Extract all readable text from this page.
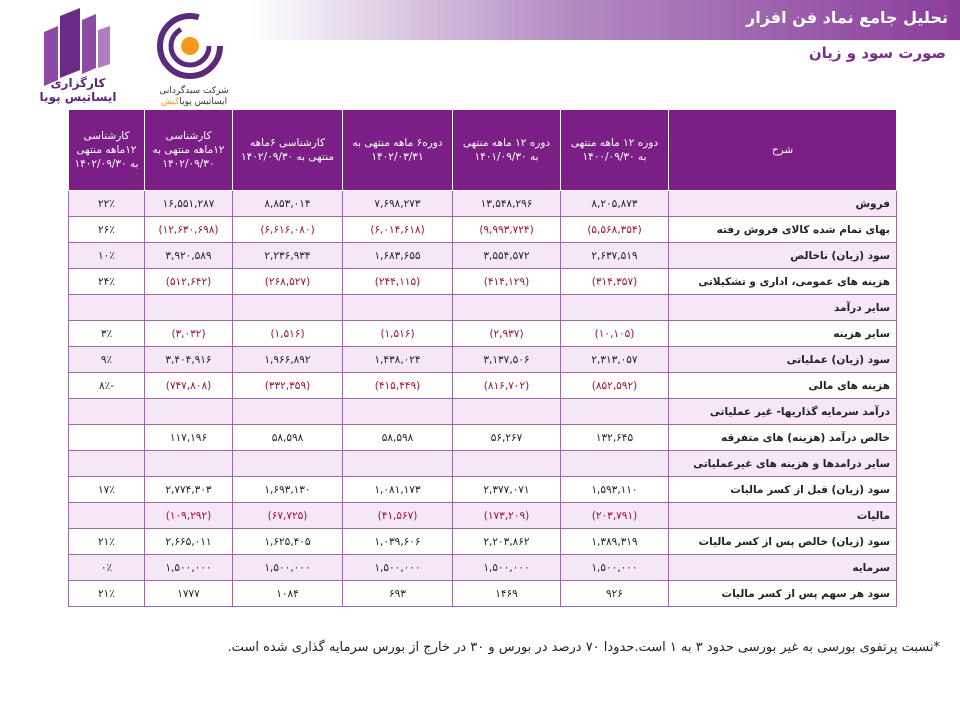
تحلیل جامع نماد فن افزار
صورت سود و زیان
کارگزاری ایساتیس پویا	شرکت سبدگردانی
ایساتیس پویاکیش
شرح	دوره ۱۲ ماهه منتهی به ۱۴۰۰/۰۹/۳۰	دوره ۱۲ ماهه منتهی به ۱۴۰۱/۰۹/۳۰	دوره۶ ماهه منتهی به ۱۴۰۲/۰۳/۳۱	کارشناسی ۶ماهه منتهی به ۱۴۰۲/۰۹/۳۰	کارشناسی ۱۲ماهه منتهی به ۱۴۰۲/۰۹/۳۰	کارشناسی ۱۲ماهه منتهی به ۱۴۰۲/۰۹/۳۰
فروش	۸,۲۰۵,۸۷۳	۱۳,۵۴۸,۲۹۶	۷,۶۹۸,۲۷۳	۸,۸۵۳,۰۱۴	۱۶,۵۵۱,۲۸۷	۲۲٪
بهای تمام شده کالای فروش رفته	(۵,۵۶۸,۳۵۴)	(۹,۹۹۳,۷۲۴)	(۶,۰۱۴,۶۱۸)	(۶,۶۱۶,۰۸۰)	(۱۲,۶۳۰,۶۹۸)	۲۶٪
سود (زیان) ناخالص	۲,۶۳۷,۵۱۹	۳,۵۵۴,۵۷۲	۱,۶۸۳,۶۵۵	۲,۲۳۶,۹۳۴	۳,۹۲۰,۵۸۹	۱۰٪
هزینه های عمومی، اداری و تشکیلاتی	(۳۱۴,۳۵۷)	(۴۱۴,۱۲۹)	(۲۴۴,۱۱۵)	(۲۶۸,۵۲۷)	(۵۱۲,۶۴۲)	۲۴٪
سایر درآمد						
سایر هزینه	(۱۰,۱۰۵)	(۲,۹۳۷)	(۱,۵۱۶)	(۱,۵۱۶)	(۳,۰۳۲)	۳٪
سود (زیان) عملیاتی	۲,۳۱۳,۰۵۷	۳,۱۳۷,۵۰۶	۱,۴۳۸,۰۲۴	۱,۹۶۶,۸۹۲	۳,۴۰۴,۹۱۶	۹٪
هزینه های مالی	(۸۵۲,۵۹۲)	(۸۱۶,۷۰۲)	(۴۱۵,۴۴۹)	(۳۳۲,۳۵۹)	(۷۴۷,۸۰۸)	-۸٪
درآمد سرمایه گذاریها- غیر عملیاتی						
خالص درآمد (هزینه) های متفرقه	۱۳۲,۶۴۵	۵۶,۲۶۷	۵۸,۵۹۸	۵۸,۵۹۸	۱۱۷,۱۹۶	
سایر درامدها و هزینه های غیرعملیاتی						
سود (زیان) قبل از کسر مالیات	۱,۵۹۳,۱۱۰	۲,۳۷۷,۰۷۱	۱,۰۸۱,۱۷۳	۱,۶۹۳,۱۳۰	۲,۷۷۴,۳۰۳	۱۷٪
مالیات	(۲۰۳,۷۹۱)	(۱۷۳,۲۰۹)	(۴۱,۵۶۷)	(۶۷,۷۲۵)	(۱۰۹,۲۹۲)	
سود (زیان) خالص پس از کسر مالیات	۱,۳۸۹,۳۱۹	۲,۲۰۳,۸۶۲	۱,۰۳۹,۶۰۶	۱,۶۲۵,۴۰۵	۲,۶۶۵,۰۱۱	۲۱٪
سرمایه	۱,۵۰۰,۰۰۰	۱,۵۰۰,۰۰۰	۱,۵۰۰,۰۰۰	۱,۵۰۰,۰۰۰	۱,۵۰۰,۰۰۰	۰٪
سود هر سهم پس از کسر مالیات	۹۲۶	۱۴۶۹	۶۹۳	۱۰۸۴	۱۷۷۷	۲۱٪

*نسبت پرتفوی بورسی به غیر بورسی حدود ۳ به ۱ است.حدودا ۷۰ درصد در بورس و ۳۰ در خارج از بورس سرمایه گذاری شده است.
